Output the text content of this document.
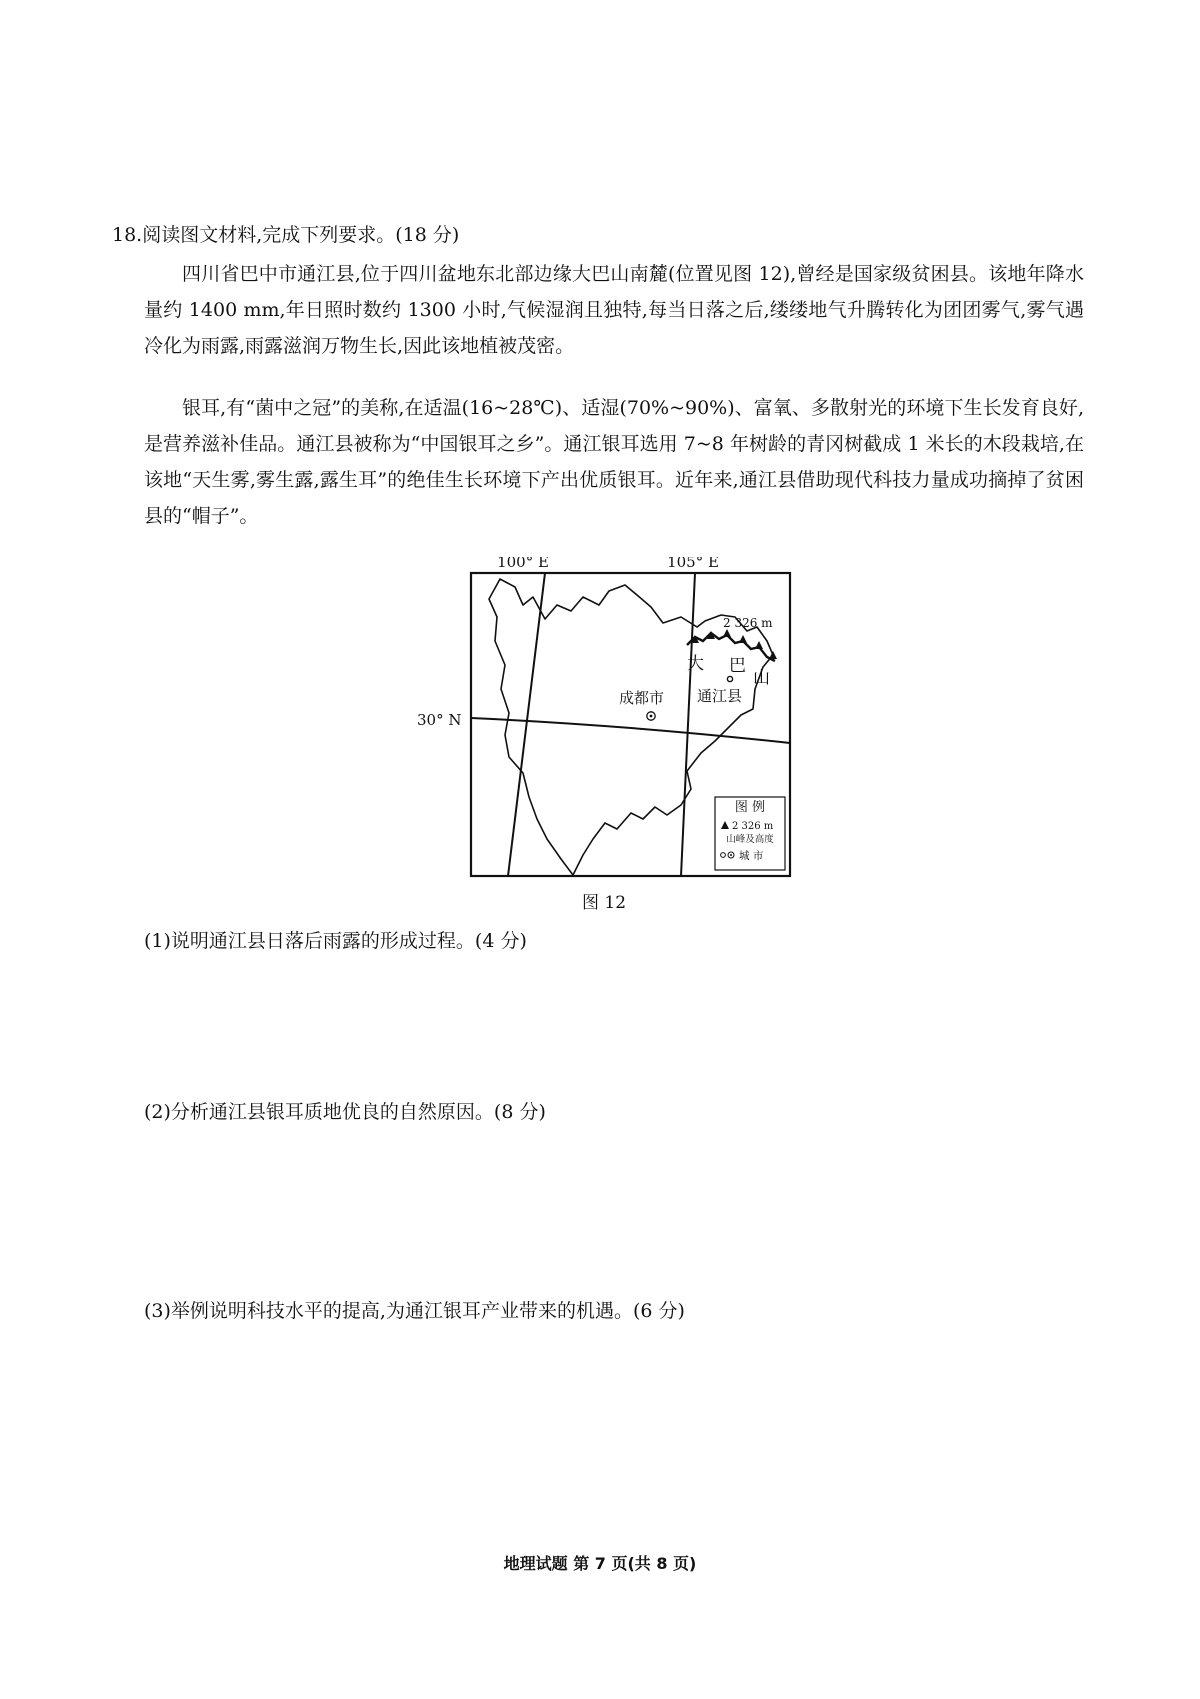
18.阅读图文材料,完成下列要求。(18 分)
四川省巴中市通江县,位于四川盆地东北部边缘大巴山南麓(位置见图 12),曾经是国家级贫困县。该地年降水量约 1400 mm,年日照时数约 1300 小时,气候湿润且独特,每当日落之后,缕缕地气升腾转化为团团雾气,雾气遇冷化为雨露,雨露滋润万物生长,因此该地植被茂密。
银耳,有“菌中之冠”的美称,在适温(16~28℃)、适湿(70%~90%)、富氧、多散射光的环境下生长发育良好,是营养滋补佳品。通江县被称为“中国银耳之乡”。通江银耳选用 7~8 年树龄的青冈树截成 1 米长的木段栽培,在该地“天生雾,雾生露,露生耳”的绝佳生长环境下产出优质银耳。近年来,通江县借助现代科技力量成功摘掉了贫困县的“帽子”。
100° E	105° E
30° N
2 326 m
大 巴
山
通江县
成都市
图 例
2 326 m
山峰及高度
城 市
图 12
(1)说明通江县日落后雨露的形成过程。(4 分)
(2)分析通江县银耳质地优良的自然原因。(8 分)
(3)举例说明科技水平的提高,为通江银耳产业带来的机遇。(6 分)
地理试题 第 7 页(共 8 页)
